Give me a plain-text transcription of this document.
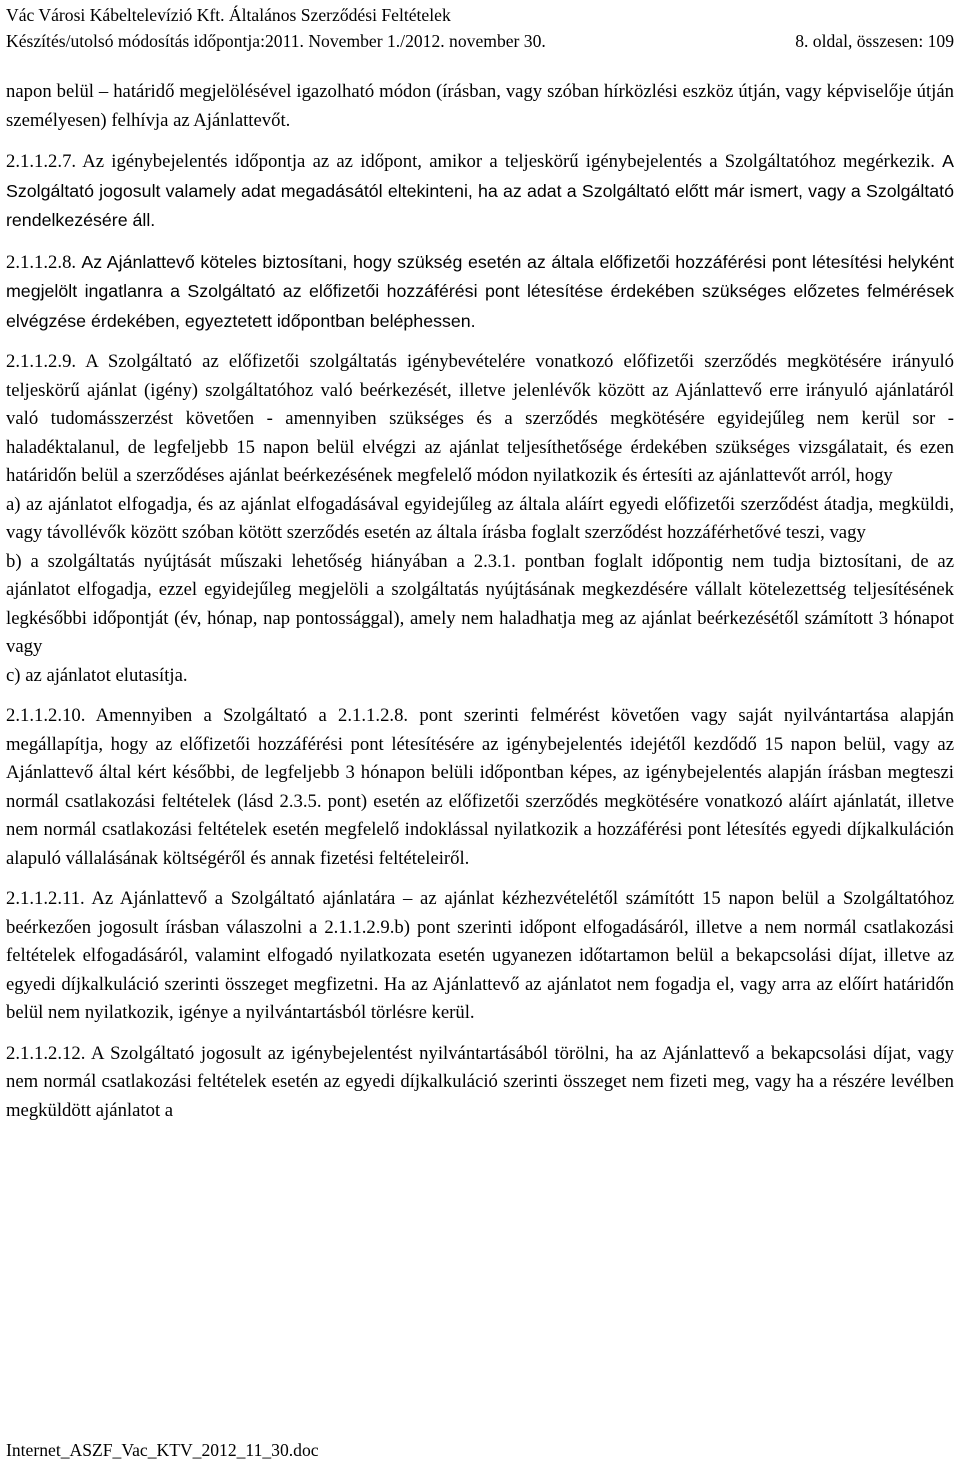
Vác Városi Kábeltelevízió Kft. Általános Szerződési Feltételek
Készítés/utolsó módosítás időpontja:2011. November 1./2012. november 30.	8. oldal, összesen: 109

napon belül – határidő megjelölésével igazolható módon (írásban, vagy szóban hírközlési eszköz útján, vagy képviselője útján személyesen) felhívja az Ajánlattevőt.

2.1.1.2.7. Az igénybejelentés időpontja az az időpont, amikor a teljeskörű igénybejelentés a Szolgáltatóhoz megérkezik. A Szolgáltató jogosult valamely adat megadásától eltekinteni, ha az adat a Szolgáltató előtt már ismert, vagy a Szolgáltató rendelkezésére áll.

2.1.1.2.8. Az Ajánlattevő köteles biztosítani, hogy szükség esetén az általa előfizetői hozzáférési pont létesítési helyként megjelölt ingatlanra a Szolgáltató az előfizetői hozzáférési pont létesítése érdekében szükséges előzetes felmérések elvégzése érdekében, egyeztetett időpontban beléphessen.

2.1.1.2.9. A Szolgáltató az előfizetői szolgáltatás igénybevételére vonatkozó előfizetői szerződés megkötésére irányuló teljeskörű ajánlat (igény) szolgáltatóhoz való beérkezését, illetve jelenlévők között az Ajánlattevő erre irányuló ajánlatáról való tudomásszerzést követően - amennyiben szükséges és a szerződés megkötésére egyidejűleg nem kerül sor - haladéktalanul, de legfeljebb 15 napon belül elvégzi az ajánlat teljesíthetősége érdekében szükséges vizsgálatait, és ezen határidőn belül a szerződéses ajánlat beérkezésének megfelelő módon nyilatkozik és értesíti az ajánlattevőt arról, hogy

a) az ajánlatot elfogadja, és az ajánlat elfogadásával egyidejűleg az általa aláírt egyedi előfizetői szerződést átadja, megküldi, vagy távollévők között szóban kötött szerződés esetén az általa írásba foglalt szerződést hozzáférhetővé teszi, vagy

b) a szolgáltatás nyújtását műszaki lehetőség hiányában a 2.3.1. pontban foglalt időpontig nem tudja biztosítani, de az ajánlatot elfogadja, ezzel egyidejűleg megjelöli a szolgáltatás nyújtásának megkezdésére vállalt kötelezettség teljesítésének legkésőbbi időpontját (év, hónap, nap pontossággal), amely nem haladhatja meg az ajánlat beérkezésétől számított 3 hónapot vagy

c) az ajánlatot elutasítja.

2.1.1.2.10. Amennyiben a Szolgáltató a 2.1.1.2.8. pont szerinti felmérést követően vagy saját nyilvántartása alapján megállapítja, hogy az előfizetői hozzáférési pont létesítésére az igénybejelentés idejétől kezdődő 15 napon belül, vagy az Ajánlattevő által kért későbbi, de legfeljebb 3 hónapon belüli időpontban képes, az igénybejelentés alapján írásban megteszi normál csatlakozási feltételek (lásd 2.3.5. pont) esetén az előfizetői szerződés megkötésére vonatkozó aláírt ajánlatát, illetve nem normál csatlakozási feltételek esetén megfelelő indoklással nyilatkozik a hozzáférési pont létesítés egyedi díjkalkuláción alapuló vállalásának költségéről és annak fizetési feltételeiről.

2.1.1.2.11. Az Ajánlattevő a Szolgáltató ajánlatára – az ajánlat kézhezvételétől számítótt 15 napon belül a Szolgáltatóhoz beérkezően jogosult írásban válaszolni a 2.1.1.2.9.b) pont szerinti időpont elfogadásáról, illetve a nem normál csatlakozási feltételek elfogadásáról, valamint elfogadó nyilatkozata esetén ugyanezen időtartamon belül a bekapcsolási díjat, illetve az egyedi díjkalkuláció szerinti összeget megfizetni. Ha az Ajánlattevő az ajánlatot nem fogadja el, vagy arra az előírt határidőn belül nem nyilatkozik, igénye a nyilvántartásból törlésre kerül.

2.1.1.2.12. A Szolgáltató jogosult az igénybejelentést nyilvántartásából törölni, ha az Ajánlattevő a bekapcsolási díjat, vagy nem normál csatlakozási feltételek esetén az egyedi díjkalkuláció szerinti összeget nem fizeti meg, vagy ha a részére levélben megküldött ajánlatot a

Internet_ASZF_Vac_KTV_2012_11_30.doc
